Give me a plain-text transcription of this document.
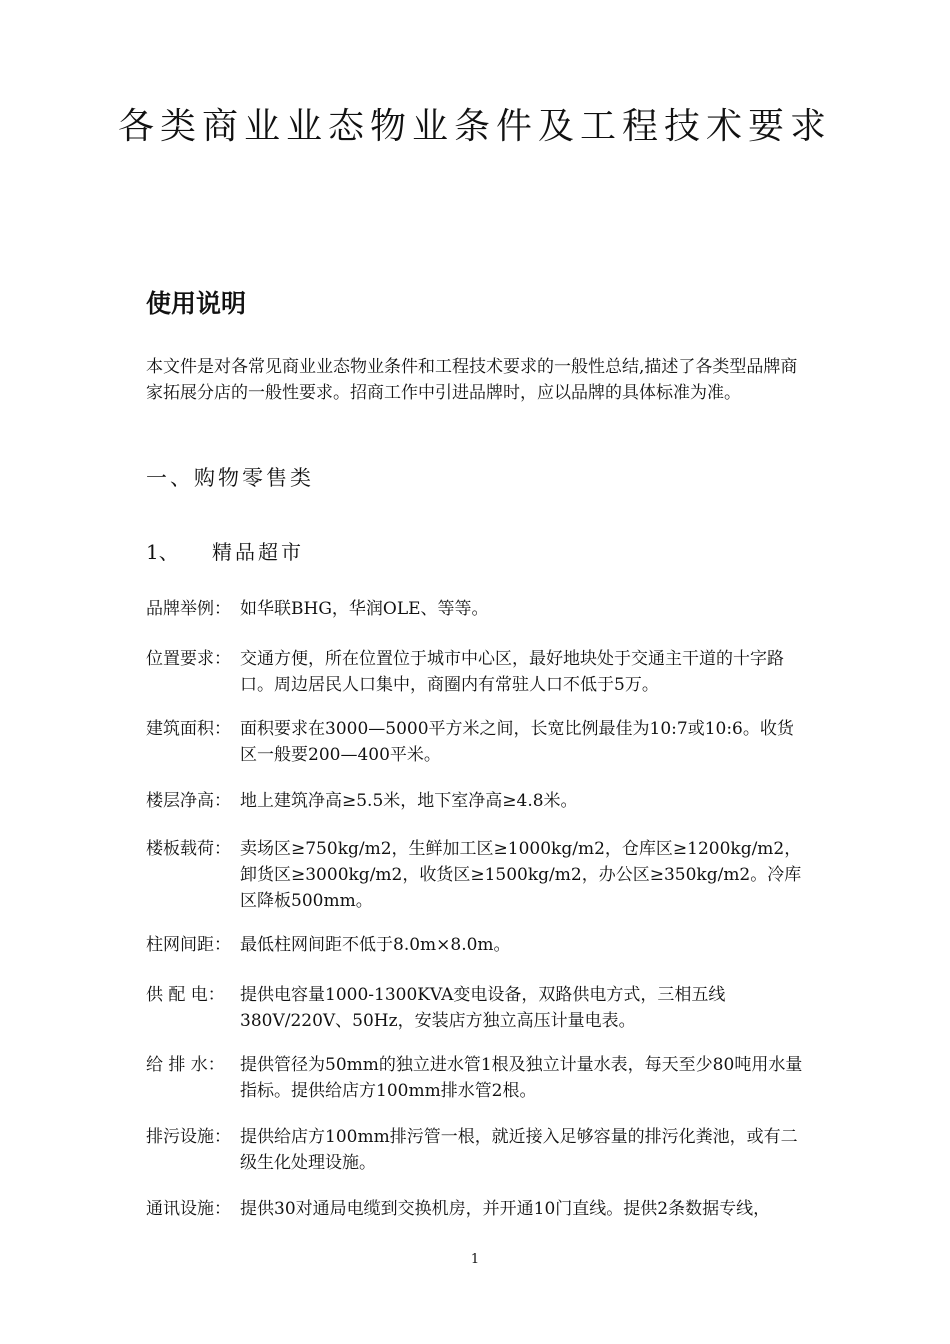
各类商业业态物业条件及工程技术要求
使用说明

本文件是对各常见商业业态物业条件和工程技术要求的一般性总结,描述了各类型品牌商家拓展分店的一般性要求。招商工作中引进品牌时，应以品牌的具体标准为准。

一、购物零售类
1、 精品超市
品牌举例： 如华联BHG，华润OLE、等等。
位置要求： 交通方便，所在位置位于城市中心区，最好地块处于交通主干道的十字路口。周边居民人口集中，商圈内有常驻人口不低于5万。
建筑面积： 面积要求在3000—5000平方米之间，长宽比例最佳为10:7或10:6。收货区一般要200—400平米。
楼层净高： 地上建筑净高≥5.5米，地下室净高≥4.8米。
楼板载荷： 卖场区≥750kg/m2，生鲜加工区≥1000kg/m2，仓库区≥1200kg/m2，卸货区≥3000kg/m2，收货区≥1500kg/m2，办公区≥350kg/m2。冷库区降板500mm。
柱网间距： 最低柱网间距不低于8.0m×8.0m。
供 配 电： 提供电容量1000-1300KVA变电设备，双路供电方式，三相五线380V/220V、50Hz，安装店方独立高压计量电表。
给 排 水： 提供管径为50mm的独立进水管1根及独立计量水表，每天至少80吨用水量指标。提供给店方100mm排水管2根。
排污设施： 提供给店方100mm排污管一根，就近接入足够容量的排污化粪池，或有二级生化处理设施。
通讯设施： 提供30对通局电缆到交换机房，并开通10门直线。提供2条数据专线，
1
